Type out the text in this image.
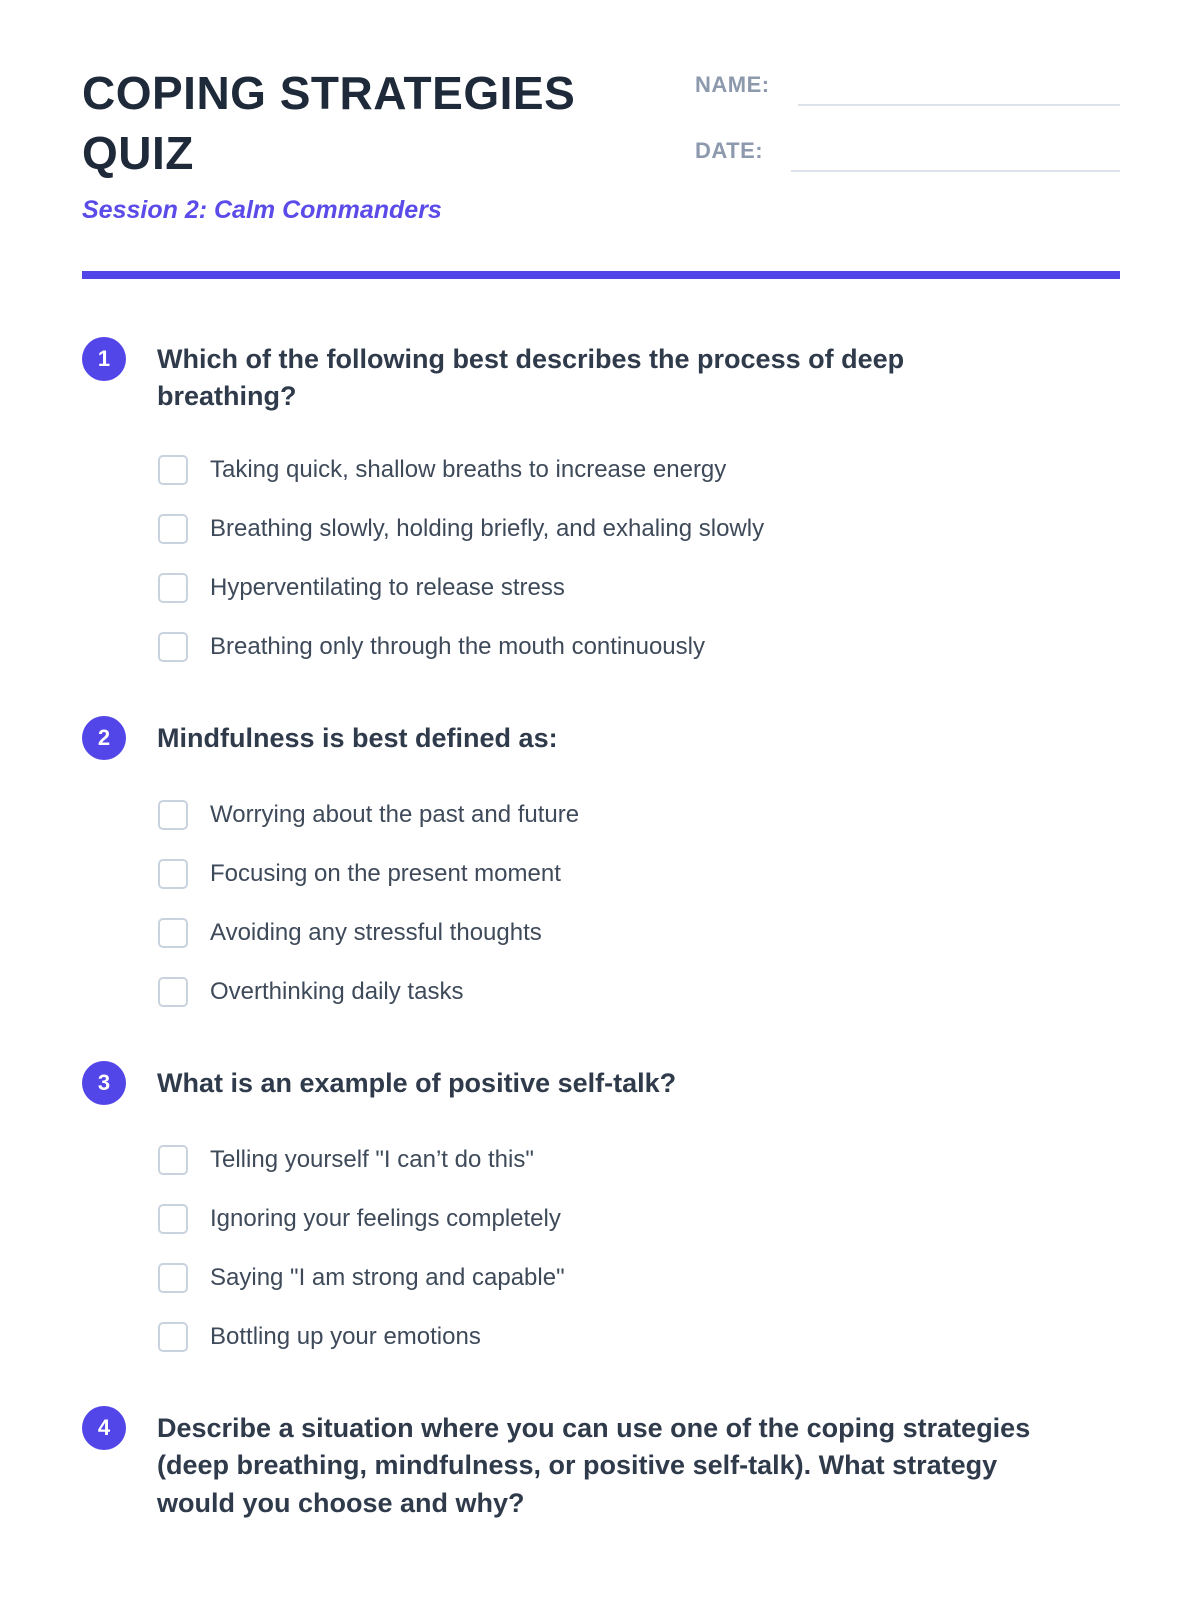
COPING STRATEGIES QUIZ
Session 2: Calm Commanders
NAME:
DATE:
1	Which of the following best describes the process of deep breathing?
Taking quick, shallow breaths to increase energy
Breathing slowly, holding briefly, and exhaling slowly
Hyperventilating to release stress
Breathing only through the mouth continuously
2	Mindfulness is best defined as:
Worrying about the past and future
Focusing on the present moment
Avoiding any stressful thoughts
Overthinking daily tasks
3	What is an example of positive self-talk?
Telling yourself "I can’t do this"
Ignoring your feelings completely
Saying "I am strong and capable"
Bottling up your emotions
4	Describe a situation where you can use one of the coping strategies (deep breathing, mindfulness, or positive self-talk). What strategy would you choose and why?
